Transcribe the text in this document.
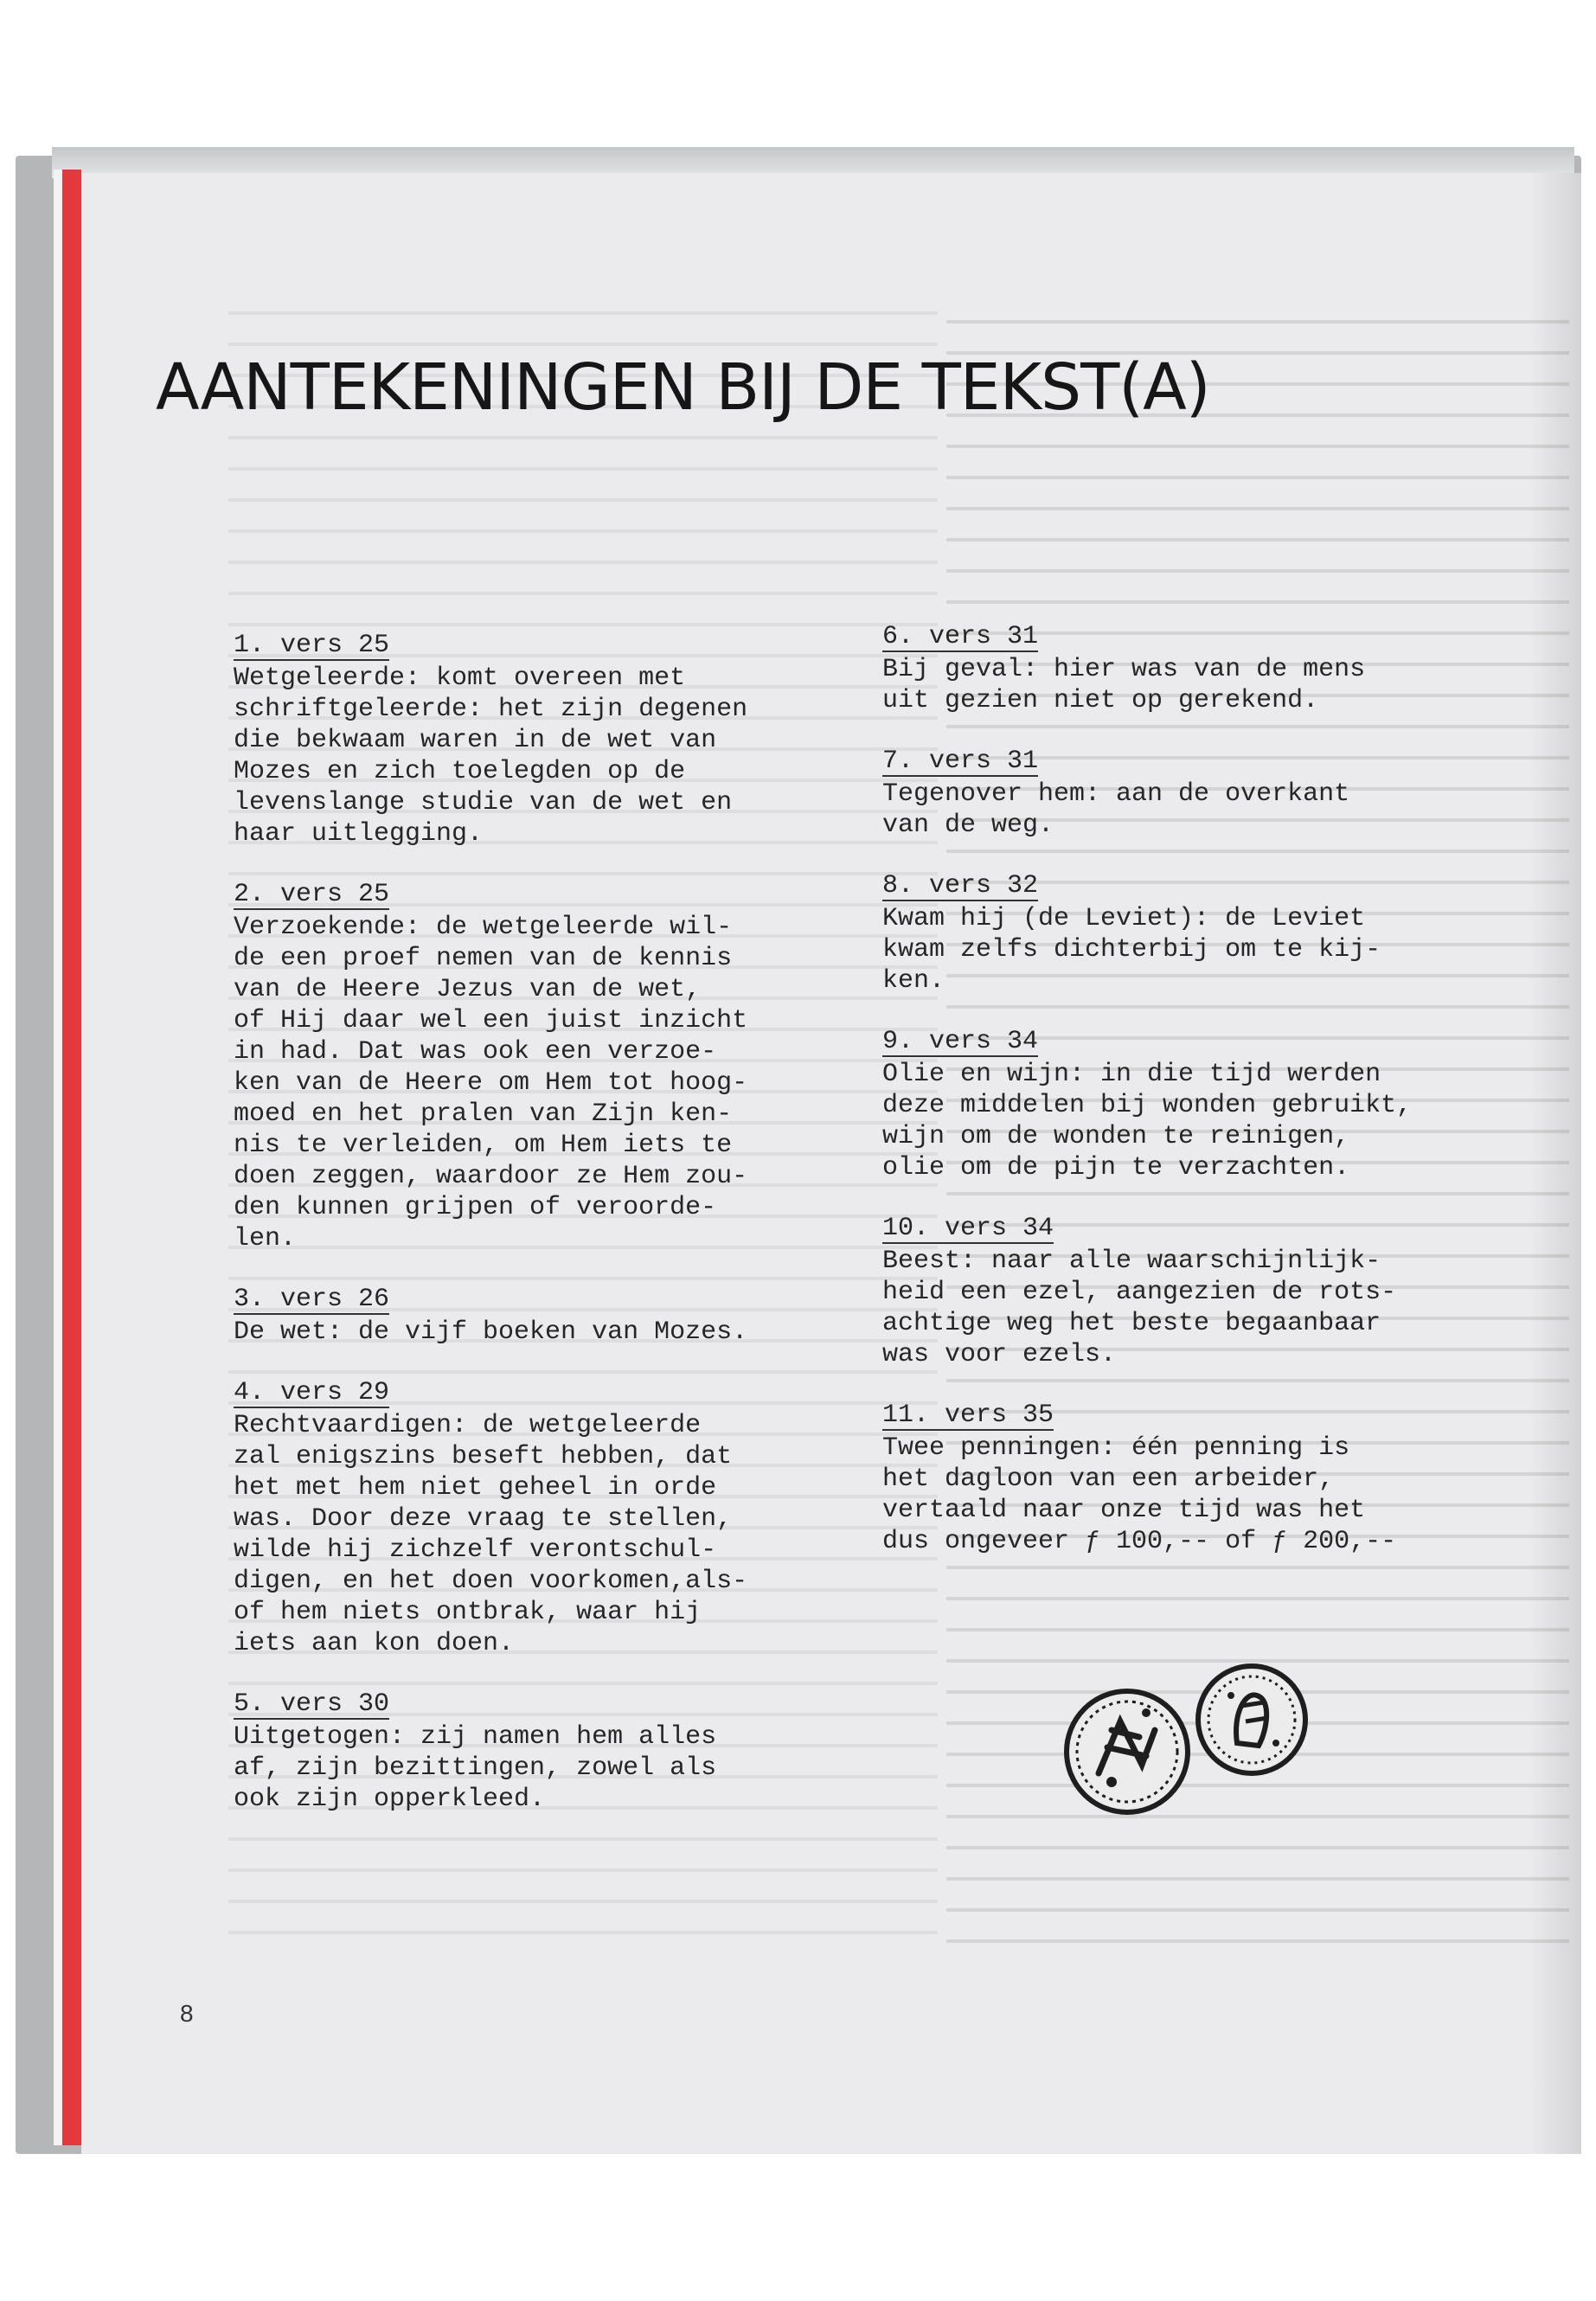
AANTEKENINGEN BIJ DE TEKST(A)
1. vers 25

Wetgeleerde: komt overeen met
schriftgeleerde: het zijn degenen
die bekwaam waren in de wet van
Mozes en zich toelegden op de
levenslange studie van de wet en
haar uitlegging.

2. vers 25

Verzoekende: de wetgeleerde wil-
de een proef nemen van de kennis
van de Heere Jezus van de wet,
of Hij daar wel een juist inzicht
in had. Dat was ook een verzoe-
ken van de Heere om Hem tot hoog-
moed en het pralen van Zijn ken-
nis te verleiden, om Hem iets te
doen zeggen, waardoor ze Hem zou-
den kunnen grijpen of veroorde-
len.

3. vers 26

De wet: de vijf boeken van Mozes.

4. vers 29

Rechtvaardigen: de wetgeleerde
zal enigszins beseft hebben, dat
het met hem niet geheel in orde
was. Door deze vraag te stellen,
wilde hij zichzelf verontschul-
digen, en het doen voorkomen,als-
of hem niets ontbrak, waar hij
iets aan kon doen.

5. vers 30

Uitgetogen: zij namen hem alles
af, zijn bezittingen, zowel als
ook zijn opperkleed.

6. vers 31

Bij geval: hier was van de mens
uit gezien niet op gerekend.

7. vers 31

Tegenover hem: aan de overkant
van de weg.

8. vers 32

Kwam hij (de Leviet): de Leviet
kwam zelfs dichterbij om te kij-
ken.

9. vers 34

Olie en wijn: in die tijd werden
deze middelen bij wonden gebruikt,
wijn om de wonden te reinigen,
olie om de pijn te verzachten.

10. vers 34

Beest: naar alle waarschijnlijk-
heid een ezel, aangezien de rots-
achtige weg het beste begaanbaar
was voor ezels.

11. vers 35

Twee penningen: één penning is
het dagloon van een arbeider,
vertaald naar onze tijd was het
dus ongeveer ƒ 100,-- of ƒ 200,--

8
